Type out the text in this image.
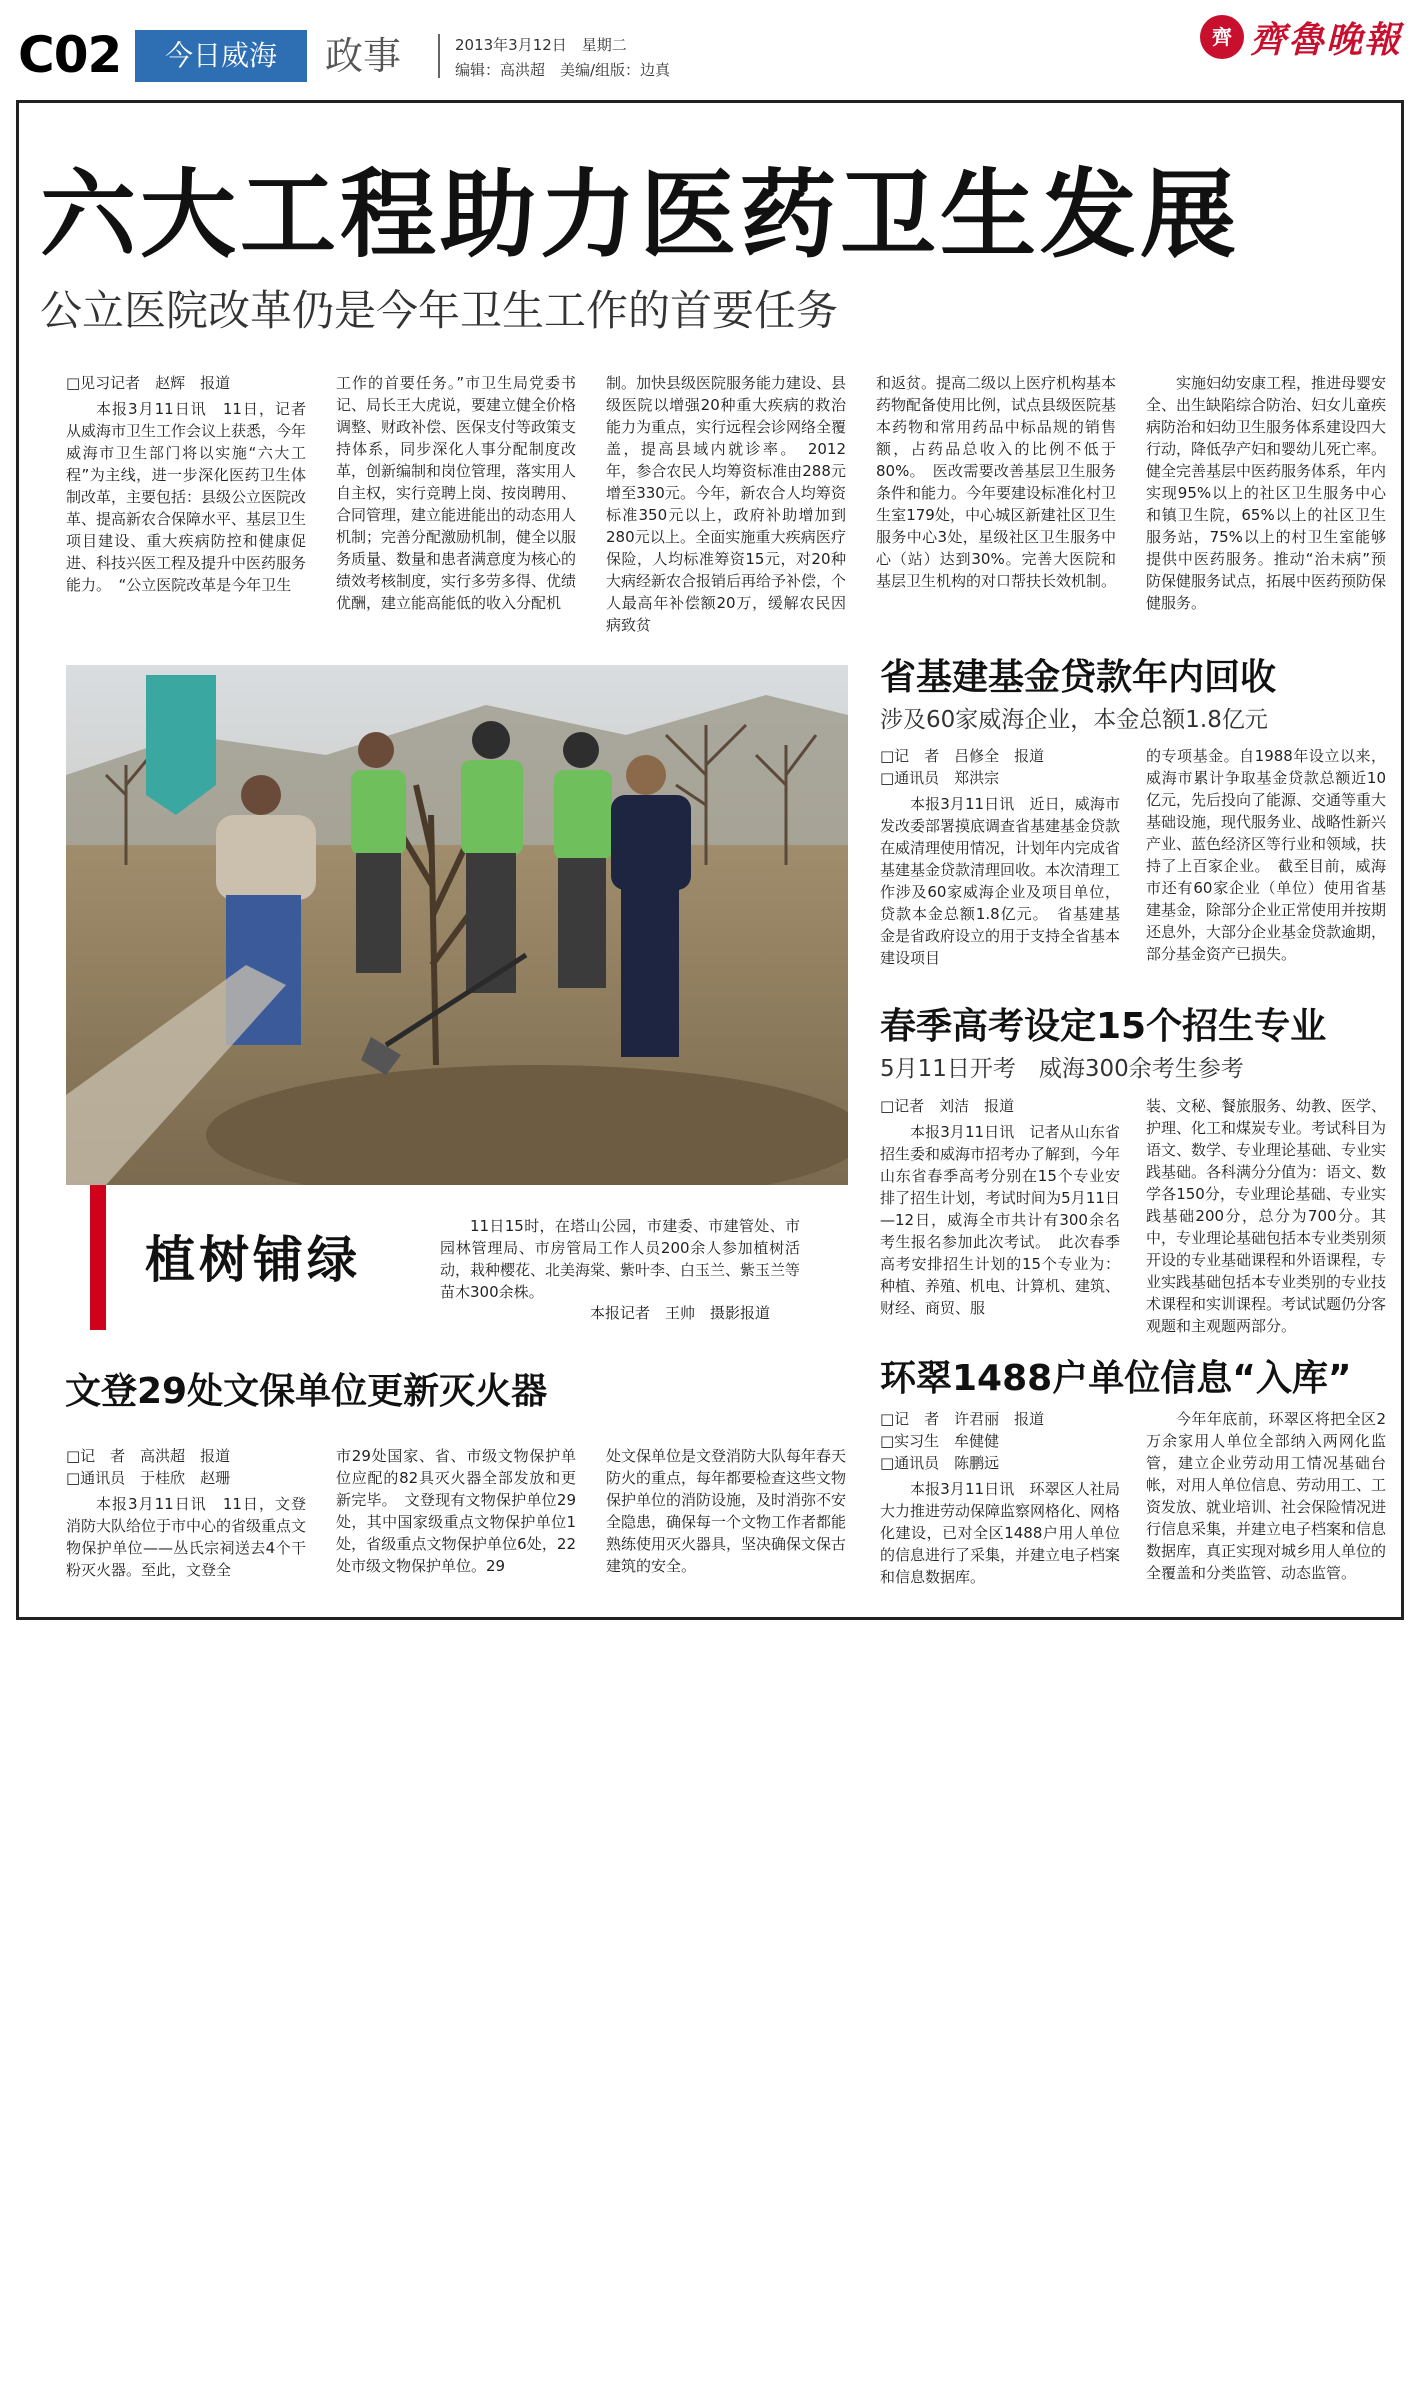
C02	今日威海	政事	2013年3月12日　星期二
编辑：高洪超　美编/组版：边真
齊 齊魯晚報
六大工程助力医药卫生发展
公立医院改革仍是今年卫生工作的首要任务
□见习记者　赵辉　报道

本报3月11日讯　11日，记者从威海市卫生工作会议上获悉，今年威海市卫生部门将以实施“六大工程”为主线，进一步深化医药卫生体制改革，主要包括：县级公立医院改革、提高新农合保障水平、基层卫生项目建设、重大疾病防控和健康促进、科技兴医工程及提升中医药服务能力。　“公立医院改革是今年卫生

工作的首要任务。”市卫生局党委书记、局长王大虎说，要建立健全价格调整、财政补偿、医保支付等政策支持体系，同步深化人事分配制度改革，创新编制和岗位管理，落实用人自主权，实行竞聘上岗、按岗聘用、合同管理，建立能进能出的动态用人机制；完善分配激励机制，健全以服务质量、数量和患者满意度为核心的绩效考核制度，实行多劳多得、优绩优酬，建立能高能低的收入分配机

制。加快县级医院服务能力建设、县级医院以增强20种重大疾病的救治能力为重点，实行远程会诊网络全覆盖，提高县域内就诊率。　2012年，参合农民人均筹资标准由288元增至330元。今年，新农合人均筹资标准350元以上，政府补助增加到280元以上。全面实施重大疾病医疗保险，人均标准筹资15元，对20种大病经新农合报销后再给予补偿，个人最高年补偿额20万，缓解农民因病致贫

和返贫。提高二级以上医疗机构基本药物配备使用比例，试点县级医院基本药物和常用药品中标品规的销售额，占药品总收入的比例不低于80%。　医改需要改善基层卫生服务条件和能力。今年要建设标准化村卫生室179处，中心城区新建社区卫生服务中心3处，星级社区卫生服务中心（站）达到30%。完善大医院和基层卫生机构的对口帮扶长效机制。

实施妇幼安康工程，推进母婴安全、出生缺陷综合防治、妇女儿童疾病防治和妇幼卫生服务体系建设四大行动，降低孕产妇和婴幼儿死亡率。健全完善基层中医药服务体系，年内实现95%以上的社区卫生服务中心和镇卫生院，65%以上的社区卫生服务站，75%以上的村卫生室能够提供中医药服务。推动“治未病”预防保健服务试点，拓展中医药预防保健服务。

植树铺绿

11日15时，在塔山公园，市建委、市建管处、市园林管理局、市房管局工作人员200余人参加植树活动，栽种樱花、北美海棠、紫叶李、白玉兰、紫玉兰等苗木300余株。

本报记者　王帅　摄影报道
省基建基金贷款年内回收
涉及60家威海企业，本金总额1.8亿元
□记　者　吕修全　报道
□通讯员　郑洪宗

本报3月11日讯　近日，威海市发改委部署摸底调查省基建基金贷款在威清理使用情况，计划年内完成省基建基金贷款清理回收。本次清理工作涉及60家威海企业及项目单位，贷款本金总额1.8亿元。　省基建基金是省政府设立的用于支持全省基本建设项目

的专项基金。自1988年设立以来，威海市累计争取基金贷款总额近10亿元，先后投向了能源、交通等重大基础设施，现代服务业、战略性新兴产业、蓝色经济区等行业和领域，扶持了上百家企业。　截至目前，威海市还有60家企业（单位）使用省基建基金，除部分企业正常使用并按期还息外，大部分企业基金贷款逾期，部分基金资产已损失。

春季高考设定15个招生专业
5月11日开考　威海300余考生参考
□记者　刘洁　报道

本报3月11日讯　记者从山东省招生委和威海市招考办了解到，今年山东省春季高考分别在15个专业安排了招生计划，考试时间为5月11日—12日，威海全市共计有300余名考生报名参加此次考试。　此次春季高考安排招生计划的15个专业为：种植、养殖、机电、计算机、建筑、财经、商贸、服

装、文秘、餐旅服务、幼教、医学、护理、化工和煤炭专业。考试科目为语文、数学、专业理论基础、专业实践基础。各科满分分值为：语文、数学各150分，专业理论基础、专业实践基础200分，总分为700分。其中，专业理论基础包括本专业类别须开设的专业基础课程和外语课程，专业实践基础包括本专业类别的专业技术课程和实训课程。考试试题仍分客观题和主观题两部分。

环翠1488户单位信息“入库”
□记　者　许君丽　报道
□实习生　牟健健
□通讯员　陈鹏远

本报3月11日讯　环翠区人社局大力推进劳动保障监察网格化、网格化建设，已对全区1488户用人单位的信息进行了采集，并建立电子档案和信息数据库。

今年年底前，环翠区将把全区2万余家用人单位全部纳入两网化监管，建立企业劳动用工情况基础台帐，对用人单位信息、劳动用工、工资发放、就业培训、社会保险情况进行信息采集，并建立电子档案和信息数据库，真正实现对城乡用人单位的全覆盖和分类监管、动态监管。

文登29处文保单位更新灭火器
□记　者　高洪超　报道
□通讯员　于桂欣　赵珊

本报3月11日讯　11日，文登消防大队给位于市中心的省级重点文物保护单位——丛氏宗祠送去4个干粉灭火器。至此，文登全

市29处国家、省、市级文物保护单位应配的82具灭火器全部发放和更新完毕。　文登现有文物保护单位29处，其中国家级重点文物保护单位1处，省级重点文物保护单位6处，22处市级文物保护单位。29

处文保单位是文登消防大队每年春天防火的重点，每年都要检查这些文物保护单位的消防设施，及时消弥不安全隐患，确保每一个文物工作者都能熟练使用灭火器具，坚决确保文保古建筑的安全。
